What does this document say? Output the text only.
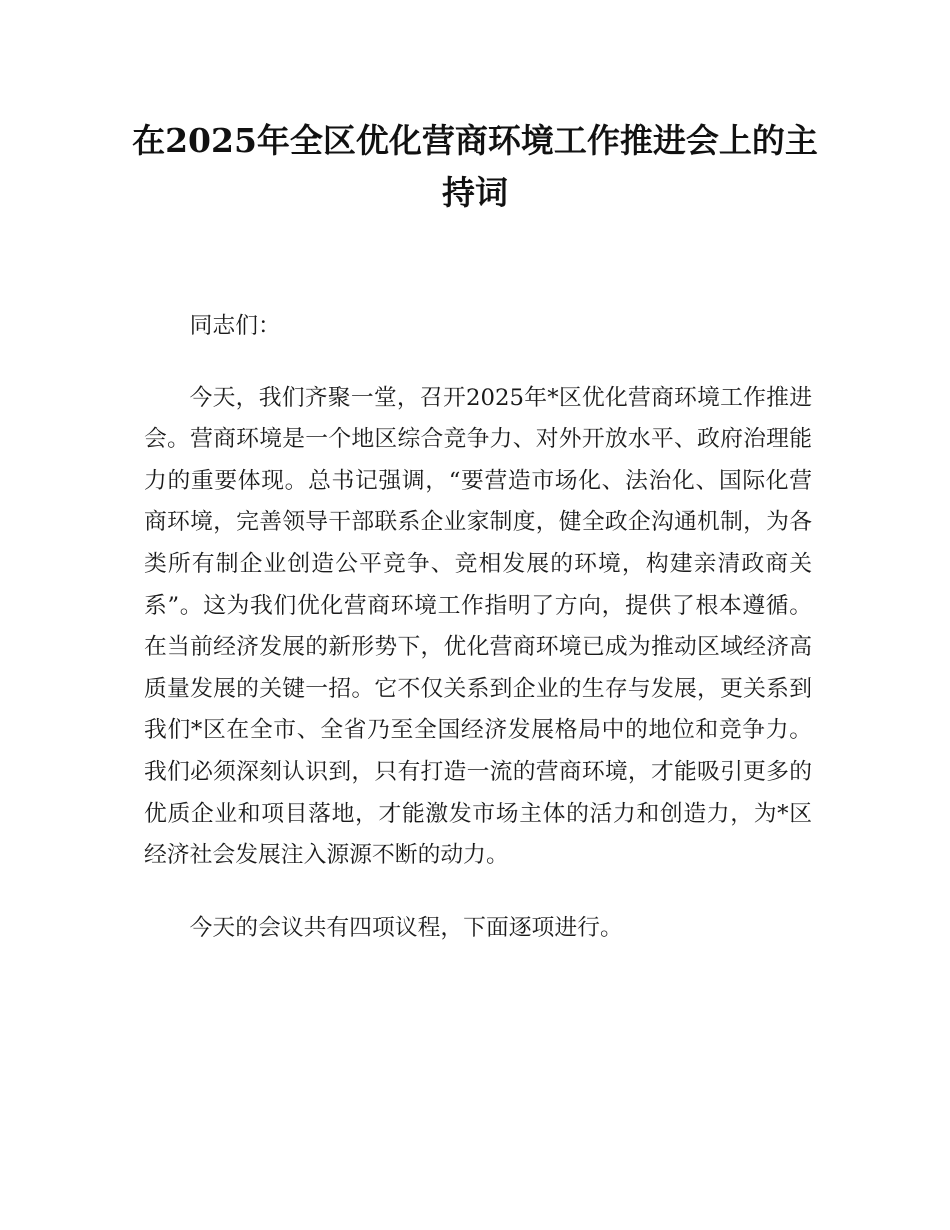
在2025年全区优化营商环境工作推进会上的主持词

同志们：

今天，我们齐聚一堂，召开2025年*区优化营商环境工作推进会。营商环境是一个地区综合竞争力、对外开放水平、政府治理能力的重要体现。总书记强调，“要营造市场化、法治化、国际化营商环境，完善领导干部联系企业家制度，健全政企沟通机制，为各类所有制企业创造公平竞争、竞相发展的环境，构建亲清政商关系”。这为我们优化营商环境工作指明了方向，提供了根本遵循。在当前经济发展的新形势下，优化营商环境已成为推动区域经济高质量发展的关键一招。它不仅关系到企业的生存与发展，更关系到我们*区在全市、全省乃至全国经济发展格局中的地位和竞争力。我们必须深刻认识到，只有打造一流的营商环境，才能吸引更多的优质企业和项目落地，才能激发市场主体的活力和创造力，为*区经济社会发展注入源源不断的动力。

今天的会议共有四项议程，下面逐项进行。
